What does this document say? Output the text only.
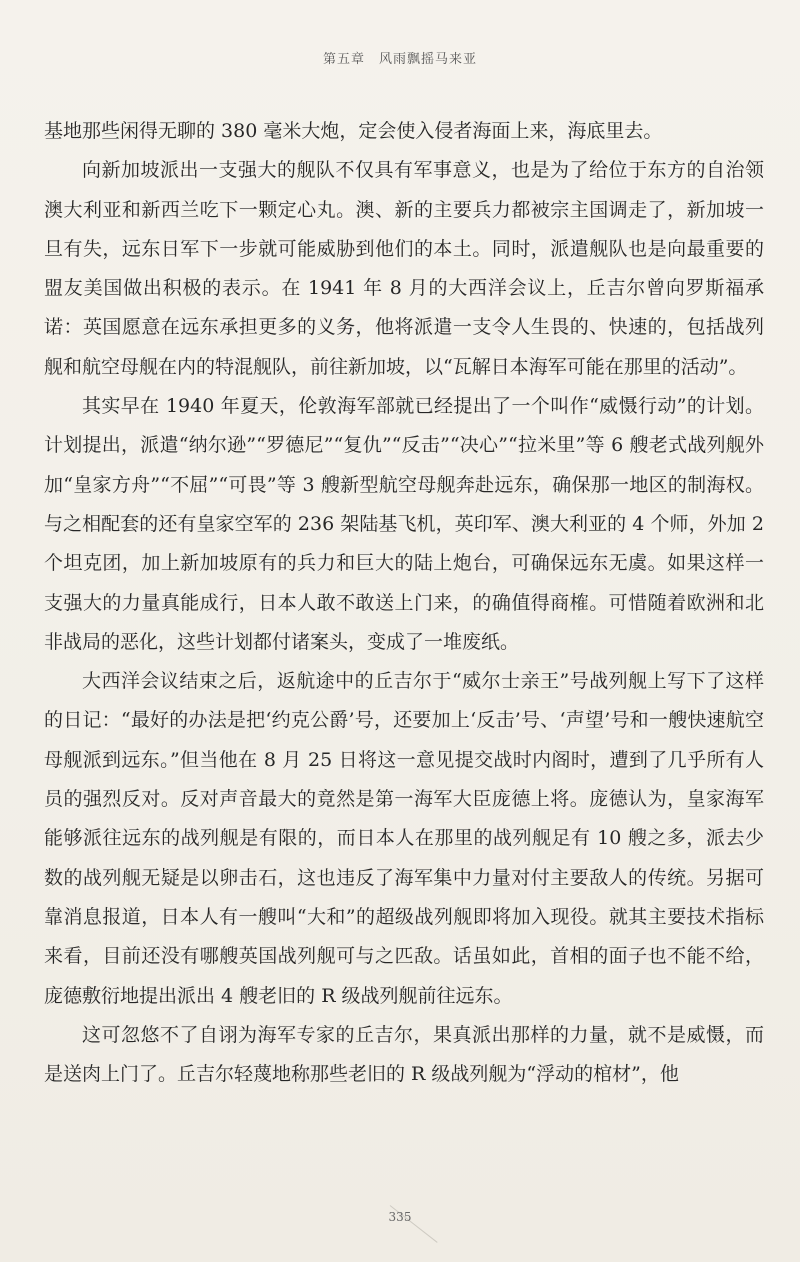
第五章　风雨飘摇马来亚

基地那些闲得无聊的 380 毫米大炮，定会使入侵者海面上来，海底里去。

向新加坡派出一支强大的舰队不仅具有军事意义，也是为了给位于东方的自治领澳大利亚和新西兰吃下一颗定心丸。澳、新的主要兵力都被宗主国调走了，新加坡一旦有失，远东日军下一步就可能威胁到他们的本土。同时，派遣舰队也是向最重要的盟友美国做出积极的表示。在 1941 年 8 月的大西洋会议上，丘吉尔曾向罗斯福承诺：英国愿意在远东承担更多的义务，他将派遣一支令人生畏的、快速的，包括战列舰和航空母舰在内的特混舰队，前往新加坡，以“瓦解日本海军可能在那里的活动”。

其实早在 1940 年夏天，伦敦海军部就已经提出了一个叫作“威慑行动”的计划。计划提出，派遣“纳尔逊”“罗德尼”“复仇”“反击”“决心”“拉米里”等 6 艘老式战列舰外加“皇家方舟”“不屈”“可畏”等 3 艘新型航空母舰奔赴远东，确保那一地区的制海权。与之相配套的还有皇家空军的 236 架陆基飞机，英印军、澳大利亚的 4 个师，外加 2 个坦克团，加上新加坡原有的兵力和巨大的陆上炮台，可确保远东无虞。如果这样一支强大的力量真能成行，日本人敢不敢送上门来，的确值得商榷。可惜随着欧洲和北非战局的恶化，这些计划都付诸案头，变成了一堆废纸。

大西洋会议结束之后，返航途中的丘吉尔于“威尔士亲王”号战列舰上写下了这样的日记：“最好的办法是把‘约克公爵’号，还要加上‘反击’号、‘声望’号和一艘快速航空母舰派到远东。”但当他在 8 月 25 日将这一意见提交战时内阁时，遭到了几乎所有人员的强烈反对。反对声音最大的竟然是第一海军大臣庞德上将。庞德认为，皇家海军能够派往远东的战列舰是有限的，而日本人在那里的战列舰足有 10 艘之多，派去少数的战列舰无疑是以卵击石，这也违反了海军集中力量对付主要敌人的传统。另据可靠消息报道，日本人有一艘叫“大和”的超级战列舰即将加入现役。就其主要技术指标来看，目前还没有哪艘英国战列舰可与之匹敌。话虽如此，首相的面子也不能不给，庞德敷衍地提出派出 4 艘老旧的 R 级战列舰前往远东。

这可忽悠不了自诩为海军专家的丘吉尔，果真派出那样的力量，就不是威慑，而是送肉上门了。丘吉尔轻蔑地称那些老旧的 R 级战列舰为“浮动的棺材”，他

335
